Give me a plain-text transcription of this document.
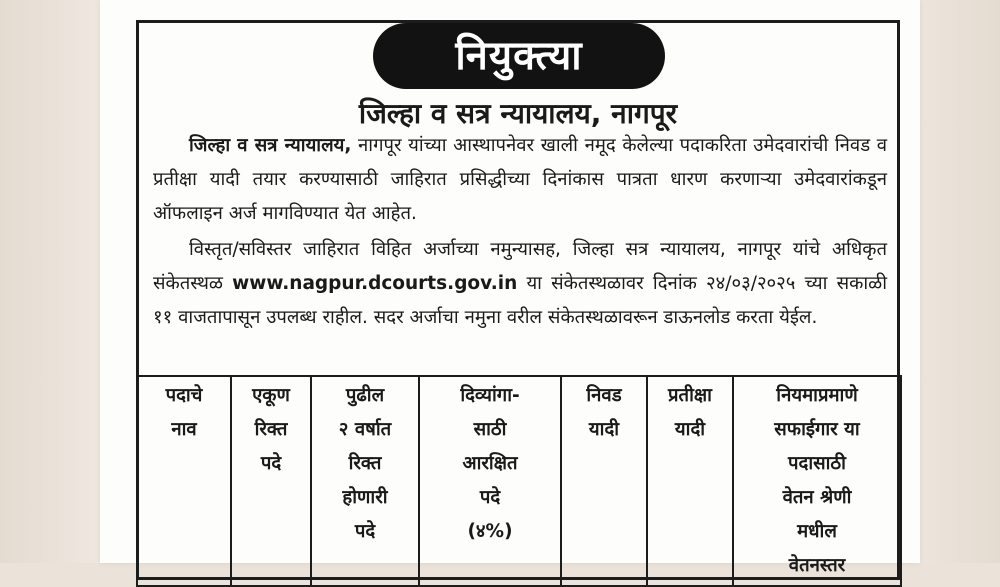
नियुक्त्या
जिल्हा व सत्र न्यायालय, नागपूर
जिल्हा व सत्र न्यायालय, नागपूर यांच्या आस्थापनेवर खाली नमूद केलेल्या पदाकरिता उमेदवारांची निवड व प्रतीक्षा यादी तयार करण्यासाठी जाहिरात प्रसिद्धीच्या दिनांकास पात्रता धारण करणाऱ्या उमेदवारांकडून ऑफलाइन अर्ज मागविण्यात येत आहेत.
विस्तृत/सविस्तर जाहिरात विहित अर्जाच्या नमुन्यासह, जिल्हा सत्र न्यायालय, नागपूर यांचे अधिकृत संकेतस्थळ www.nagpur.dcourts.gov.in या संकेतस्थळावर दिनांक २४/०३/२०२५ च्या सकाळी ११ वाजतापासून उपलब्ध राहील. सदर अर्जाचा नमुना वरील संकेतस्थळावरून डाऊनलोड करता येईल.
पदाचे
नाव

एकूण
रिक्त
पदे

पुढील
२ वर्षात
रिक्त
होणारी
पदे

दिव्यांगा-
साठी
आरक्षित
पदे
(४%)

निवड
यादी

प्रतीक्षा
यादी

नियमाप्रमाणे
सफाईगार या
पदासाठी
वेतन श्रेणी
मधील
वेतनस्तर
